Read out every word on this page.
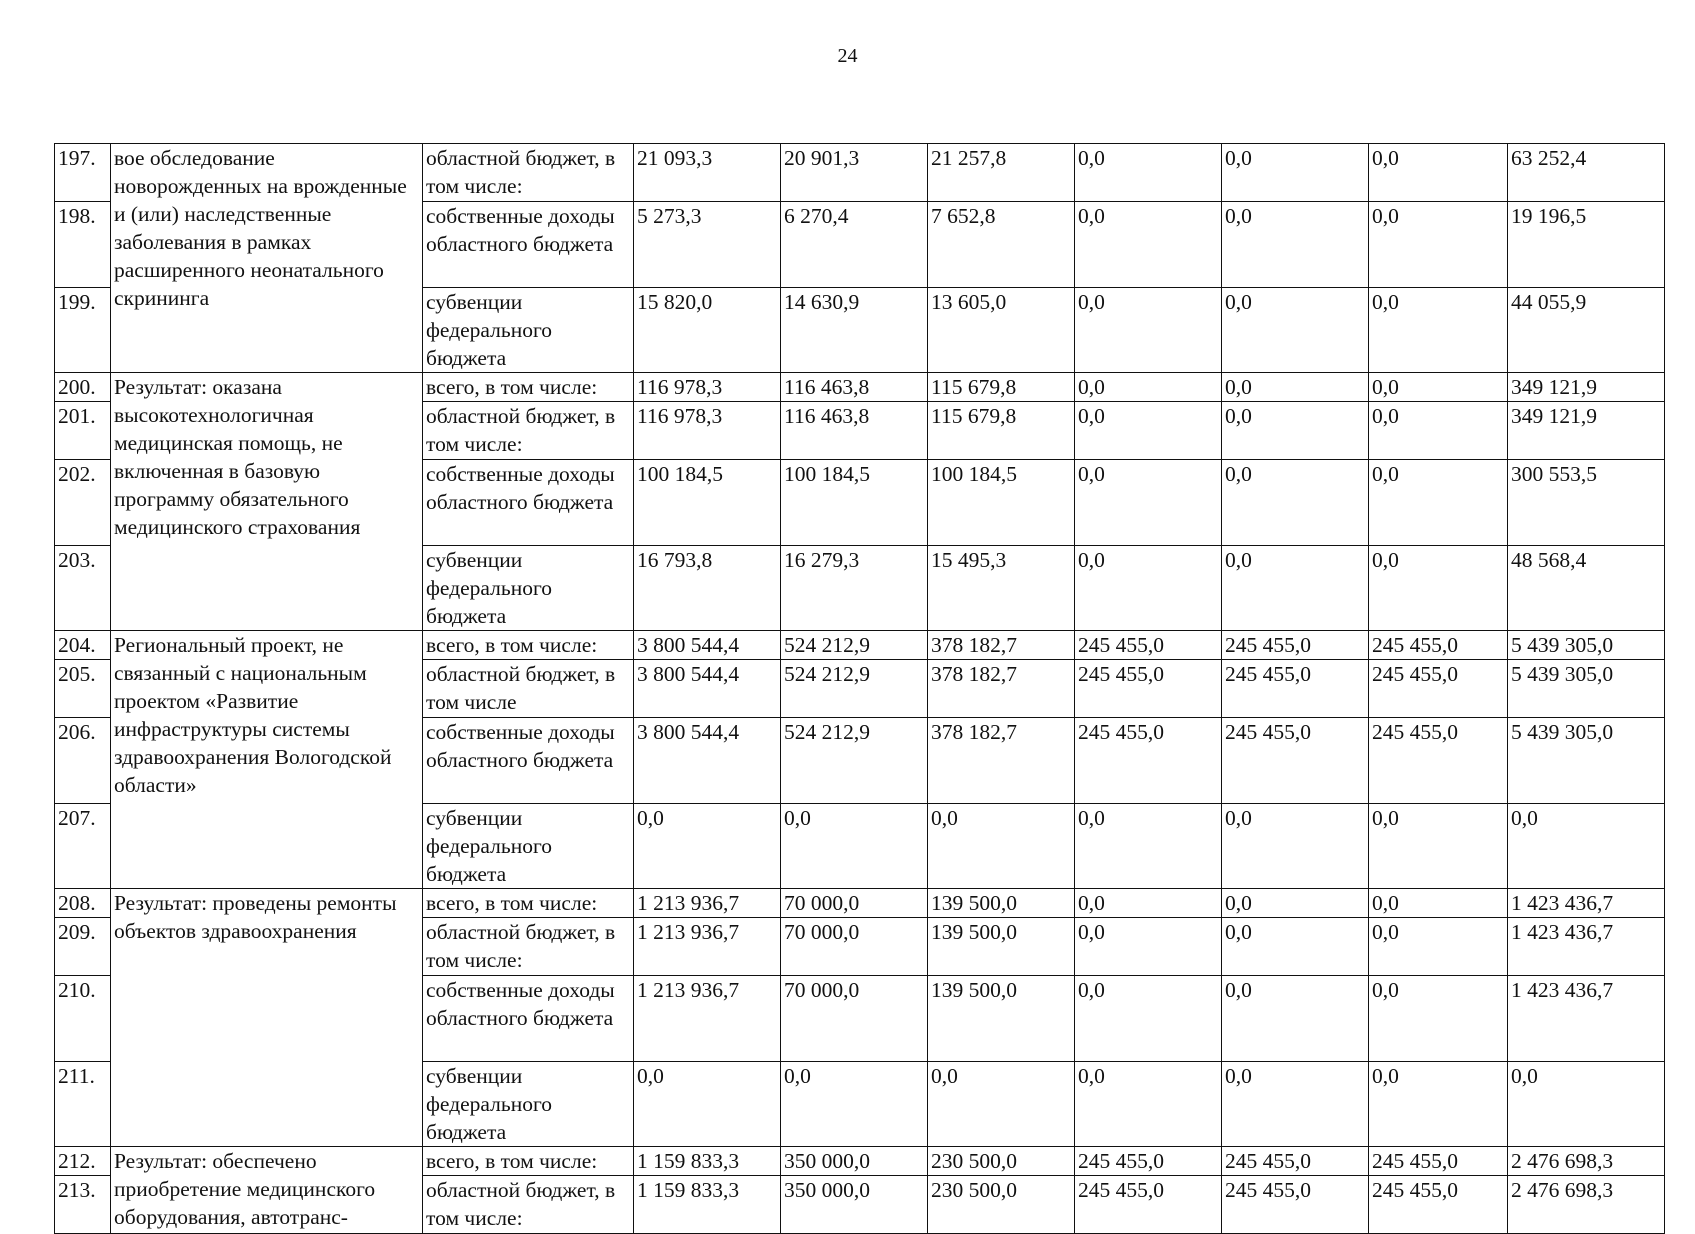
24
197.	вое обследование новорожденных на врожденные и (или) наследственные заболевания в рамках расширенного неонатального скрининга	областной бюджет, в том числе:	21 093,3	20 901,3	21 257,8	0,0	0,0	0,0	63 252,4
198.		собственные доходы областного бюджета	5 273,3	6 270,4	7 652,8	0,0	0,0	0,0	19 196,5
199.		субвенции федерального бюджета	15 820,0	14 630,9	13 605,0	0,0	0,0	0,0	44 055,9
200.	Результат: оказана высокотехнологичная медицинская помощь, не включенная в базовую программу обязательного медицинского страхования	всего, в том числе:	116 978,3	116 463,8	115 679,8	0,0	0,0	0,0	349 121,9
201.		областной бюджет, в том числе:	116 978,3	116 463,8	115 679,8	0,0	0,0	0,0	349 121,9
202.		собственные доходы областного бюджета	100 184,5	100 184,5	100 184,5	0,0	0,0	0,0	300 553,5
203.		субвенции федерального бюджета	16 793,8	16 279,3	15 495,3	0,0	0,0	0,0	48 568,4
204.	Региональный проект, не связанный с национальным проектом «Развитие инфраструктуры системы здравоохранения Вологодской области»	всего, в том числе:	3 800 544,4	524 212,9	378 182,7	245 455,0	245 455,0	245 455,0	5 439 305,0
205.		областной бюджет, в том числе	3 800 544,4	524 212,9	378 182,7	245 455,0	245 455,0	245 455,0	5 439 305,0
206.		собственные доходы областного бюджета	3 800 544,4	524 212,9	378 182,7	245 455,0	245 455,0	245 455,0	5 439 305,0
207.		субвенции федерального бюджета	0,0	0,0	0,0	0,0	0,0	0,0	0,0
208.	Результат: проведены ремонты объектов здравоохранения	всего, в том числе:	1 213 936,7	70 000,0	139 500,0	0,0	0,0	0,0	1 423 436,7
209.		областной бюджет, в том числе:	1 213 936,7	70 000,0	139 500,0	0,0	0,0	0,0	1 423 436,7
210.		собственные доходы областного бюджета	1 213 936,7	70 000,0	139 500,0	0,0	0,0	0,0	1 423 436,7
211.		субвенции федерального бюджета	0,0	0,0	0,0	0,0	0,0	0,0	0,0
212.	Результат: обеспечено приобретение медицинского оборудования, автотранс-	всего, в том числе:	1 159 833,3	350 000,0	230 500,0	245 455,0	245 455,0	245 455,0	2 476 698,3
213.		областной бюджет, в том числе:	1 159 833,3	350 000,0	230 500,0	245 455,0	245 455,0	245 455,0	2 476 698,3
